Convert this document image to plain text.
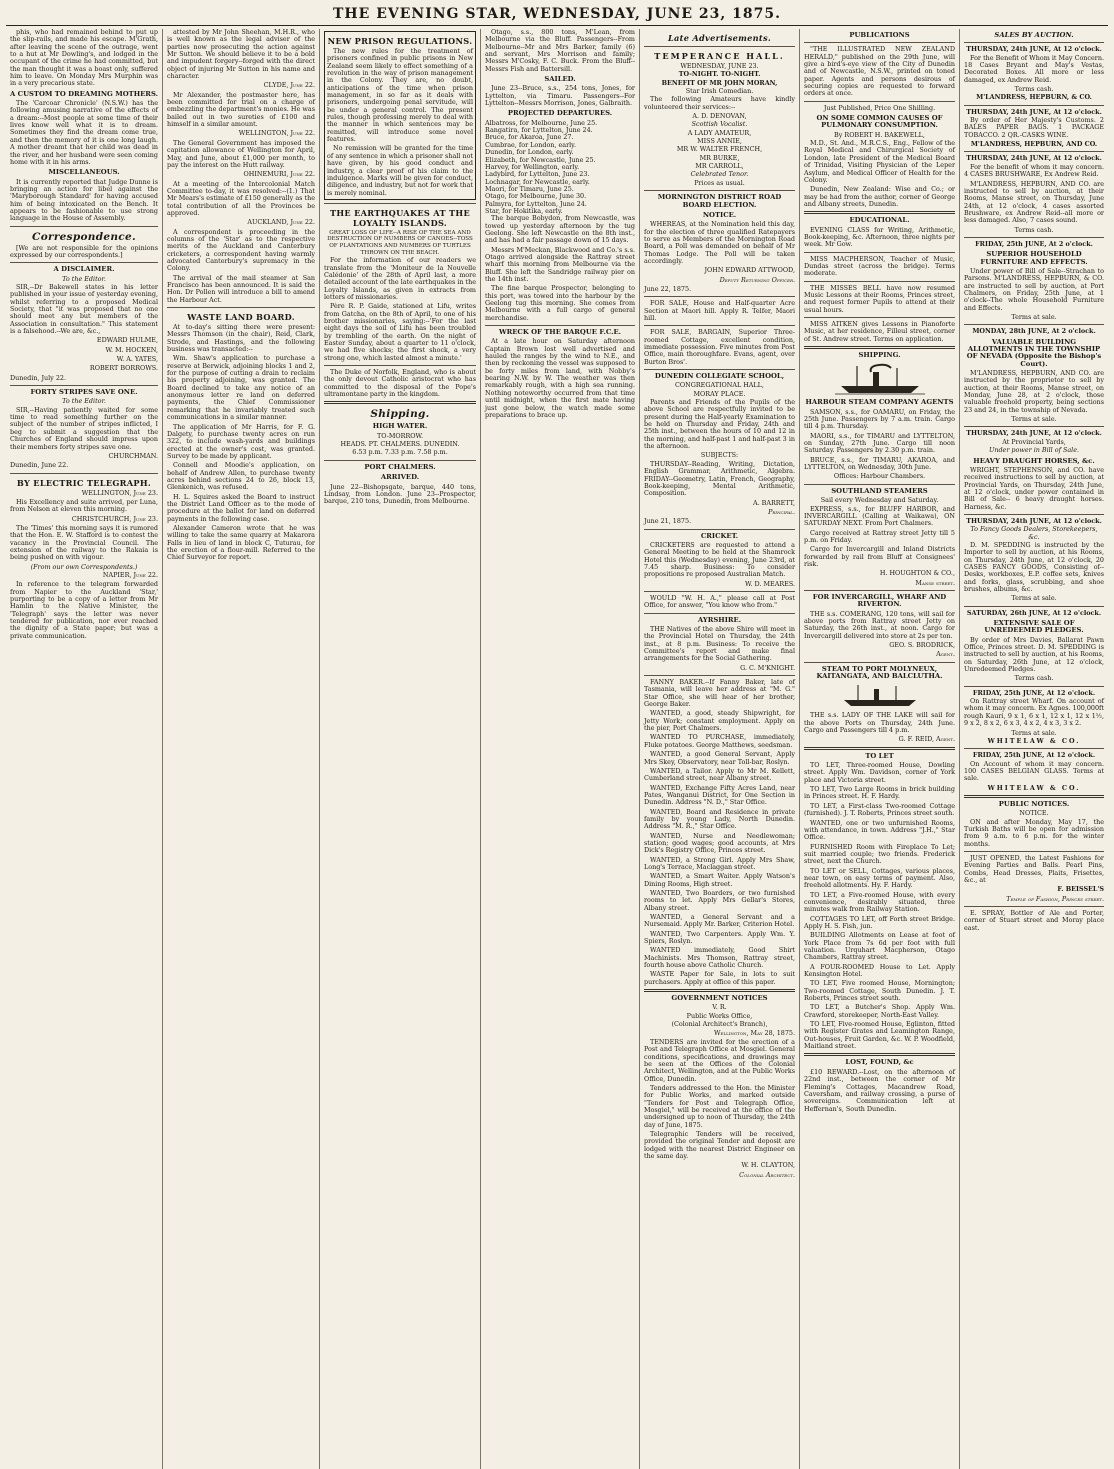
THE EVENING STAR, WEDNESDAY, JUNE 23, 1875.

phis, who had remained behind to put up the slip-rails, and made his escape. M'Grath, after leaving the scene of the outrage, went to a hut at Mr Dowling's, and lodged in the occupant of the crime he had committed, but the man thought it was a boast only, suffered him to leave. On Monday Mrs Murphin was in a very precarious state.

A CUSTOM TO DREAMING MOTHERS.

The 'Carcoar Chronicle' (N.S.W.) has the following amusing narrative of the effects of a dream:--Most people at some time of their lives know well what it is to dream. Sometimes they find the dream come true, and then the memory of it is one long laugh. A mother dreamt that her child was dead in the river, and her husband were seen coming home with it in his arms.

MISCELLANEOUS.

It is currently reported that Judge Dunne is bringing an action for libel against the 'Maryborough Standard' for having accused him of being intoxicated on the Bench. It appears to be fashionable to use strong language in the House of Assembly.

Correspondence.

[We are not responsible for the opinions expressed by our correspondents.]

A DISCLAIMER.
To the Editor.

SIR,--Dr Bakewell states in his letter published in your issue of yesterday evening, whilst referring to a proposed Medical Society, that "it was proposed that no one should meet any but members of the Association in consultation." This statement is a falsehood.--We are, &c.,

EDWARD HULME,
W. M. HOCKEN,
W. A. YATES,
ROBERT BORROWS.
Dunedin, July 22.
FORTY STRIPES SAVE ONE.
To the Editor.

SIR,--Having patiently waited for some time to read something further on the subject of the number of stripes inflicted, I beg to submit a suggestion that the Churches of England should impress upon their members forty stripes save one.

CHURCHMAN.
Dunedin, June 22.
BY ELECTRIC TELEGRAPH.
WELLINGTON, June 23.

His Excellency and suite arrived, per Luna, from Nelson at eleven this morning.

CHRISTCHURCH, June 23.

The 'Times' this morning says it is rumored that the Hon. E. W. Stafford is to contest the vacancy in the Provincial Council. The extension of the railway to the Rakaia is being pushed on with vigour.

(From our own Correspondents.)
NAPIER, June 22.

In reference to the telegram forwarded from Napier to the Auckland 'Star,' purporting to be a copy of a letter from Mr Hamlin to the Native Minister, the 'Telegraph' says the letter was never tendered for publication, nor ever reached the dignity of a State paper; but was a private communication.

attested by Mr John Sheehan, M.H.R., who is well known as the legal adviser of the parties now prosecuting the action against Mr Sutton. We should believe it to be a bold and impudent forgery--forged with the direct object of injuring Mr Sutton in his name and character.

CLYDE, June 22.

Mr Alexander, the postmaster here, has been committed for trial on a charge of embezzling the department's monies. He was bailed out in two sureties of £100 and himself in a similar amount.

WELLINGTON, June 22.

The General Government has imposed the capitation allowance of Wellington for April, May, and June, about £1,000 per month, to pay the interest on the Hutt railway.

OHINEMURI, June 22.

At a meeting of the Intercolonial Match Committee to-day, it was resolved:--(1.) That Mr Mears's estimate of £150 generally as the total contribution of all the Provinces be approved.

AUCKLAND, June 22.

A correspondent is proceeding in the columns of the 'Star' as to the respective merits of the Auckland and Canterbury cricketers, a correspondent having warmly advocated Canterbury's supremacy in the Colony.

The arrival of the mail steamer at San Francisco has been announced. It is said the Hon. Dr Pollen will introduce a bill to amend the Harbour Act.

WASTE LAND BOARD.

At to-day's sitting there were present: Messrs Thomson (in the chair), Reid, Clark, Strode, and Hastings, and the following business was transacted:--

Wm. Shaw's application to purchase a reserve at Berwick, adjoining blocks 1 and 2, for the purpose of cutting a drain to reclaim his property adjoining, was granted. The Board declined to take any notice of an anonymous letter re land on deferred payments, the Chief Commissioner remarking that he invariably treated such communications in a similar manner.

The application of Mr Harris, for F. G. Dalgety, to purchase twenty acres on run 322, to include wash-yards and buildings erected at the owner's cost, was granted. Survey to be made by applicant.

Connell and Moodie's application, on behalf of Andrew Allen, to purchase twenty acres behind sections 24 to 26, block 13, Glenkenich, was refused.

H. L. Squires asked the Board to instruct the District Land Officer as to the mode of procedure at the ballot for land on deferred payments in the following case.

Alexander Cameron wrote that he was willing to take the same quarry at Makarora Falls in lieu of land in block C, Tuturau, for the erection of a flour-mill. Referred to the Chief Surveyor for report.

NEW PRISON REGULATIONS.

The new rules for the treatment of prisoners confined in public prisons in New Zealand seem likely to effect something of a revolution in the way of prison management in the Colony. They are, no doubt, anticipations of the time when prison management, in so far as it deals with prisoners, undergoing penal servitude, will be under a general control. The present rules, though professing merely to deal with the manner in which sentences may be remitted, will introduce some novel features.

No remission will be granted for the time of any sentence in which a prisoner shall not have given, by his good conduct and industry, a clear proof of his claim to the indulgence. Marks will be given for conduct, diligence, and industry, but not for work that is merely nominal.

THE EARTHQUAKES AT THE LOYALTY ISLANDS.
GREAT LOSS OF LIFE--A RISE OF THE SEA AND DESTRUCTION OF NUMBERS OF CANOES--TOSS OF PLANTATIONS AND NUMBERS OF TURTLES THROWN ON THE BEACH.

For the information of our readers we translate from the 'Moniteur de la Nouvelle Calédonie' of the 28th of April last, a more detailed account of the late earthquakes in the Loyalty Islands, as given in extracts from letters of missionaries.

Père R. P. Gaide, stationed at Lifu, writes from Gatcha, on the 8th of April, to one of his brother missionaries, saying:--'For the last eight days the soil of Lifu has been troubled by trembling of the earth. On the night of Easter Sunday, about a quarter to 11 o'clock, we had five shocks; the first shock, a very strong one, which lasted almost a minute.'

The Duke of Norfolk, England, who is about the only devout Catholic aristocrat who has committed to the disposal of the Pope's ultramontane party in the kingdom.

Shipping.
HIGH WATER.
TO-MORROW.
HEADS. PT. CHALMERS. DUNEDIN.
6.53 p.m. 7.33 p.m. 7.58 p.m.
PORT CHALMERS.
ARRIVED.

June 22--Bishopsgate, barque, 440 tons, Lindsay, from London. June 23--Prospector, barque, 210 tons, Dunedin, from Melbourne.

Otago, s.s., 800 tons, M'Lean, from Melbourne via the Bluff. Passengers--From Melbourne--Mr and Mrs Barker, family (6) and servant, Mrs Morrison and family; Messrs M'Cosky, F. C. Buck. From the Bluff--Messrs Fish and Battersill.

SAILED.

June 23--Bruce, s.s., 254 tons, Jones, for Lyttelton, via Timaru. Passengers--For Lyttelton--Messrs Morrison, Jones, Galbraith.

PROJECTED DEPARTURES.
Albatross, for Melbourne, June 25.
Rangatira, for Lyttelton, June 24.
Bruce, for Akaroa, June 27.
Cumbrae, for London, early.
Dunedin, for London, early.
Elizabeth, for Newcastle, June 25.
Harvey, for Wellington, early.
Ladybird, for Lyttelton, June 23.
Lochnagar, for Newcastle, early.
Maori, for Timaru, June 25.
Otago, for Melbourne, June 30.
Palmyra, for Lyttelton, June 24.
Star, for Hokitika, early.

The barque Bobydon, from Newcastle, was towed up yesterday afternoon by the tug Geelong. She left Newcastle on the 8th inst., and has had a fair passage down of 15 days.

Messrs M'Meckan, Blackwood and Co.'s s.s. Otago arrived alongside the Rattray street wharf this morning from Melbourne via the Bluff. She left the Sandridge railway pier on the 14th inst.

The fine barque Prospector, belonging to this port, was towed into the harbour by the Geelong tug this morning. She comes from Melbourne with a full cargo of general merchandise.

WRECK OF THE BARQUE F.C.E.

At a late hour on Saturday afternoon Captain Brown lost well advertised and hauled the ranges by the wind to N.E., and then by reckoning the vessel was supposed to be forty miles from land, with Nobby's bearing N.W. by W. The weather was then remarkably rough, with a high sea running. Nothing noteworthy occurred from that time until midnight, when the first mate having just gone below, the watch made some preparations to brace up.

Late Advertisements.
TEMPERANCE HALL.
WEDNESDAY, JUNE 23.
TO-NIGHT. TO-NIGHT.
BENEFIT OF MR JOHN MORAN,
Star Irish Comedian.

The following Amateurs have kindly volunteered their services:--

A. D. DENOVAN,
Scottish Vocalist.
A LADY AMATEUR,
MISS ANNIE,
MR W. WALTER FRENCH,
MR BURKE,
MR CARROLL,
Celebrated Tenor.
Prices as usual.
MORNINGTON DISTRICT ROAD BOARD ELECTION.
NOTICE.

WHEREAS, at the Nomination held this day, for the election of three qualified Ratepayers to serve as Members of the Mornington Road Board, a Poll was demanded on behalf of Mr Thomas Lodge. The Poll will be taken accordingly.

JOHN EDWARD ATTWOOD,
Deputy Returning Officer.
June 22, 1875.

FOR SALE, House and Half-quarter Acre Section at Maori hill. Apply R. Telfer, Maori hill.

FOR SALE, BARGAIN, Superior Three-roomed Cottage, excellent condition, immediate possession. Five minutes from Post Office, main thoroughfare. Evans, agent, over Burton Bros'.

DUNEDIN COLLEGIATE SCHOOL,
CONGREGATIONAL HALL,
MORAY PLACE.

Parents and Friends of the Pupils of the above School are respectfully invited to be present during the Half-yearly Examination to be held on Thursday and Friday, 24th and 25th inst., between the hours of 10 and 12 in the morning, and half-past 1 and half-past 3 in the afternoon.

SUBJECTS:

THURSDAY--Reading, Writing, Dictation, English Grammar, Arithmetic, Algebra. FRIDAY--Geometry, Latin, French, Geography, Book-keeping, Mental Arithmetic, Composition.

A. BARRETT,
Principal.
June 21, 1875.
CRICKET.

CRICKETERS are requested to attend a General Meeting to be held at the Shamrock Hotel this (Wednesday) evening, June 23rd, at 7.45 sharp. Business: To consider propositions re proposed Australian Match.

W. D. MEARES.

WOULD "W. H. A.," please call at Post Office, for answer, "You know who from."

AYRSHIRE.

THE Natives of the above Shire will meet in the Provincial Hotel on Thursday, the 24th inst., at 8 p.m. Business: To receive the Committee's report and make final arrangements for the Social Gathering.

G. C. M'KNIGHT.

FANNY BAKER.--If Fanny Baker, late of Tasmania, will leave her address at "M. G." Star Office, she will hear of her brother, George Baker.

WANTED, a good, steady Shipwright, for Jetty Work; constant employment. Apply on the pier, Port Chalmers.

WANTED TO PURCHASE, immediately, Fluke potatoes. George Matthews, seedsman.

WANTED, a good General Servant, Apply Mrs Skey, Observatory, near Toll-bar, Roslyn.

WANTED, a Tailor. Apply to Mr M. Kellett, Cumberland street, near Albany street.

WANTED, Exchange Fifty Acres Land, near Pates, Wanganui District, for One Section in Dunedin. Address "N. D.," Star Office.

WANTED, Board and Residence in private family by young Lady, North Dunedin. Address "M. R.," Star Office.

WANTED, Nurse and Needlewoman; station; good wages; good accounts, at Mrs Dick's Registry Office, Princes street.

WANTED, a Strong Girl. Apply Mrs Shaw, Long's Terrace, Maclaggan street.

WANTED, a Smart Waiter. Apply Watson's Dining Rooms, High street.

WANTED, Two Boarders, or two furnished rooms to let. Apply Mrs Gellar's Stores, Albany street.

WANTED, a General Servant and a Nursemaid. Apply Mr. Barker, Criterion Hotel.

WANTED, Two Carpenters. Apply Wm. Y. Spiers, Roslyn.

WANTED immediately, Good Shirt Machinists. Mrs Thomson, Rattray street, fourth house above Catholic Church.

WASTE Paper for Sale, in lots to suit purchasers. Apply at office of this paper.

GOVERNMENT NOTICES
V. R.
Public Works Office,
(Colonial Architect's Branch),
Wellington, May 28, 1875.

TENDERS are invited for the erection of a Post and Telegraph Office at Mosgiel. General conditions, specifications, and drawings may be seen at the Offices of the Colonial Architect, Wellington, and at the Public Works Office, Dunedin.

Tenders addressed to the Hon. the Minister for Public Works, and marked outside "Tenders for Post and Telegraph Office, Mosgiel," will be received at the office of the undersigned up to noon of Thursday, the 24th day of June, 1875.

Telegraphic Tenders will be received, provided the original Tender and deposit are lodged with the nearest District Engineer on the same day.

W. H. CLAYTON,
Colonial Architect.
PUBLICATIONS

"THE ILLUSTRATED NEW ZEALAND HERALD," published on the 29th June, will give a bird's-eye view of the City of Dunedin and of Newcastle, N.S.W., printed on toned paper. Agents and persons desirous of securing copies are requested to forward orders at once.

Just Published, Price One Shilling.
ON SOME COMMON CAUSES OF PULMONARY CONSUMPTION.
By ROBERT H. BAKEWELL,

M.D., St. And., M.R.C.S., Eng., Fellow of the Royal Medical and Chirurgical Society of London, late President of the Medical Board of Trinidad, Visiting Physician of the Leper Asylum, and Medical Officer of Health for the Colony.

Dunedin, New Zealand: Wise and Co.; or may be had from the author, corner of George and Albany streets, Dunedin.

EDUCATIONAL.

EVENING CLASS for Writing, Arithmetic, Book-keeping, &c. Afternoon, three nights per week. Mr Gow.

MISS MACPHERSON, Teacher of Music, Dundas street (across the bridge). Terms moderate.

THE MISSES BELL have now resumed Music Lessons at their Rooms, Princes street, and request former Pupils to attend at their usual hours.

MISS AITKEN gives Lessons in Pianoforte Music, at her residence, Filleul street, corner of St. Andrew street. Terms on application.

SHIPPING.
HARBOUR STEAM COMPANY AGENTS

SAMSON, s.s., for OAMARU, on Friday, the 25th June. Passengers by 7 a.m. train. Cargo till 4 p.m. Thursday.

MAORI, s.s., for TIMARU and LYTTELTON, on Sunday, 27th June. Cargo till noon Saturday. Passengers by 2.30 p.m. train.

BRUCE, s.s., for TIMARU, AKAROA, and LYTTELTON, on Wednesday, 30th June.

Offices: Harbour Chambers.
SOUTHLAND STEAMERS
Sail every Wednesday and Saturday.

EXPRESS, s.s., for BLUFF HARBOR, and INVERCARGILL (Calling at Waikawa), ON SATURDAY NEXT. From Port Chalmers.

Cargo received at Rattray street Jetty till 5 p.m. on Friday.

Cargo for Invercargill and Inland Districts forwarded by rail from Bluff at Consignees' risk.

H. HOUGHTON & CO.,
Manse street.
FOR INVERCARGILL, WHARF AND RIVERTON.

THE s.s. COMERANG, 120 tons, will sail for above ports from Rattray street Jetty on Saturday, the 26th inst., at noon. Cargo for Invercargill delivered into store at 2s per ton.

GEO. S. BRODRICK,
Agent.
STEAM TO PORT MOLYNEUX, KAITANGATA, AND BALCLUTHA.

THE s.s. LADY OF THE LAKE will sail for the above Ports on Thursday, 24th June. Cargo and Passengers till 4 p.m.

G. F. REID, Agent.
TO LET

TO LET, Three-roomed House, Dowling street. Apply Wm. Davidson, corner of York place and Victoria street.

TO LET, Two Large Rooms in brick building in Princes street. H. F. Hardy.

TO LET, a First-class Two-roomed Cottage (furnished). J. T. Roberts, Princes street south.

WANTED, one or two unfurnished Rooms, with attendance, in town. Address "J.H.," Star Office.

FURNISHED Room with Fireplace To Let; suit married couple; two friends. Frederick street, next the Church.

TO LET or SELL, Cottages, various places, near town, on easy terms of payment. Also, freehold allotments. Hy. F. Hardy.

TO LET, a Five-roomed House, with every convenience, desirably situated, three minutes walk from Railway Station.

COTTAGES TO LET, off Forth street Bridge. Apply H. S. Fish, jun.

BUILDING Allotments on Lease at foot of York Place from 7s 6d per foot with full valuation. Urquhart Macpherson, Otago Chambers, Rattray street.

A FOUR-ROOMED House to Let. Apply Kensington Hotel.

TO LET, Five roomed House, Mornington; Two-roomed Cottage, South Dunedin. J. T. Roberts, Princes street south.

TO LET, a Butcher's Shop. Apply Wm. Crawford, storekeeper, North-East Valley.

TO LET, Five-roomed House, Eglinton, fitted with Register Grates and Leamington Range, Out-houses, Fruit Garden, &c. W. P. Woodfield, Maitland street.

LOST, FOUND, &c

£10 REWARD.--Lost, on the afternoon of 22nd inst., between the corner of Mr Fleming's Cottages, Macandrew Road, Caversham, and railway crossing, a purse of sovereigns. Communication left at Heffernan's, South Dunedin.

SALES BY AUCTION.
THURSDAY, 24th JUNE, At 12 o'clock.

For the Benefit of Whom it May Concern. 18 Cases Bryant and May's Vestas, Decorated Boxes. All more or less damaged, ex Andrew Reid.

Terms cash.
M'LANDRESS, HEPBURN, & CO.
THURSDAY, 24th JUNE, At 12 o'clock.

By order of Her Majesty's Customs. 2 BALES PAPER BAGS. 1 PACKAGE TOBACCO. 2 QR.-CASKS WINE.

M'LANDRESS, HEPBURN, AND CO.
THURSDAY, 24th JUNE, At 12 o'clock.

For the benefit of whom it may concern. 4 CASES BRUSHWARE, Ex Andrew Reid.

M'LANDRESS, HEPBURN, AND CO. are instructed to sell by auction, at their Rooms, Manse street, on Thursday, June 24th, at 12 o'clock, 4 cases assorted Brushware, ex Andrew Reid--all more or less damaged. Also, 7 cases sound.

Terms cash.
FRIDAY, 25th JUNE, At 2 o'clock.
SUPERIOR HOUSEHOLD FURNITURE AND EFFECTS.

Under power of Bill of Sale--Strachan to Parsons. M'LANDRESS, HEPBURN, & CO. are instructed to sell by auction, at Port Chalmers, on Friday, 25th June, at 1 o'clock--The whole Household Furniture and Effects.

Terms at sale.
MONDAY, 28th JUNE, At 2 o'clock.
VALUABLE BUILDING ALLOTMENTS IN THE TOWNSHIP OF NEVADA (Opposite the Bishop's Court).

M'LANDRESS, HEPBURN, AND CO. are instructed by the proprietor to sell by auction, at their Rooms, Manse street, on Monday, June 28, at 2 o'clock, those valuable freehold property, being sections 23 and 24, in the township of Nevada.

Terms at sale.
THURSDAY, 24th JUNE, At 12 o'clock.
At Provincial Yards,
Under power in Bill of Sale.
HEAVY DRAUGHT HORSES, &c.

WRIGHT, STEPHENSON, and CO. have received instructions to sell by auction, at Provincial Yards, on Thursday, 24th June, at 12 o'clock, under power contained in Bill of Sale-- 6 heavy draught horses. Harness, &c.

THURSDAY, 24th JUNE, At 12 o'clock.
To Fancy Goods Dealers, Storekeepers, &c.

D. M. SPEDDING is instructed by the Importer to sell by auction, at his Rooms, on Thursday, 24th June, at 12 o'clock, 20 CASES FANCY GOODS, Consisting of-- Desks, workboxes, E.P. coffee sets, knives and forks, glass, scrubbing, and shoe brushes, albums, &c.

Terms at sale.
SATURDAY, 26th JUNE, At 12 o'clock.
EXTENSIVE SALE OF UNREDEEMED PLEDGES.

By order of Mrs Davies, Ballarat Pawn Office, Princes street. D. M. SPEDDING is instructed to sell by auction, at his Rooms, on Saturday, 26th June, at 12 o'clock, Unredeemed Pledges.

Terms cash.
FRIDAY, 25th JUNE, At 12 o'clock.

On Rattray street Wharf. On account of whom it may concern. Ex Agnes. 100,000ft rough Kauri, 9 x 1, 6 x 1, 12 x 1, 12 x 1½, 9 x 2, 8 x 2, 6 x 3, 4 x 2, 4 x 3, 3 x 2.

Terms at sale.
WHITELAW & CO.
FRIDAY, 25th JUNE, At 12 o'clock.

On Account of whom it may concern. 100 CASES BELGIAN GLASS. Terms at sale.

WHITELAW & CO.
PUBLIC NOTICES.
NOTICE.

ON and after Monday, May 17, the Turkish Baths will be open for admission from 9 a.m. to 6 p.m. for the winter months.

JUST OPENED, the Latest Fashions for Evening Parties and Balls. Pearl Pins, Combs, Head Dresses, Plaits, Frisettes, &c., at

F. BEISSEL'S
Temple of Fashion, Princes street.

E. SPRAY, Bottler of Ale and Porter, corner of Stuart street and Moray place east.
